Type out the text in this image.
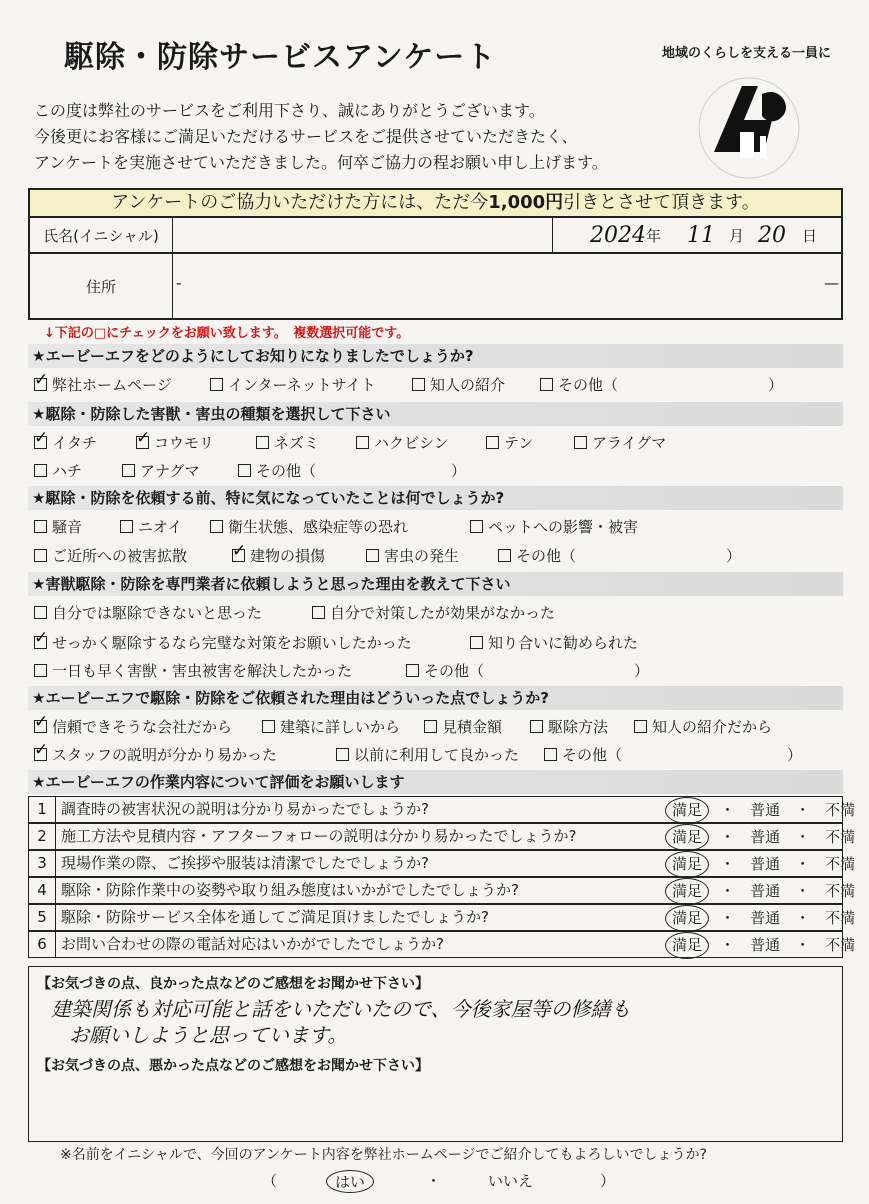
駆除・防除サービスアンケート
この度は弊社のサービスをご利用下さり、誠にありがとうございます。
今後更にお客様にご満足いただけるサービスをご提供させていただきたく、
アンケートを実施させていただきました。何卒ご協力の程お願い申し上げます。
地域のくらしを支える一員に
アンケートのご協力いただけた方には、ただ今1,000円引きとさせて頂きます。
氏名(イニシャル)	2024 年 11 月 20 日
住所	-	—
↓下記の□にチェックをお願い致します。　複数選択可能です。
★エービーエフをどのようにしてお知りになりましたでしょうか?
✓弊社ホームページ	インターネットサイト	知人の紹介	その他（　　　　　　　　　　）
★駆除・防除した害獣・害虫の種類を選択して下さい
✓イタチ ✓	コウモリ	ネズミ	ハクビシン	テン	アライグマ
ハチ	アナグマ	その他（　　　　　　　　　）
★駆除・防除を依頼する前、特に気になっていたことは何でしょうか?
騒音	ニオイ	衛生状態、感染症等の恐れ	ペットへの影響・被害
ご近所への被害拡散 ✓	建物の損傷	害虫の発生	その他（　　　　　　　　　　）
★害獣駆除・防除を専門業者に依頼しようと思った理由を教えて下さい
自分では駆除できないと思った	自分で対策したが効果がなかった
✓せっかく駆除するなら完璧な対策をお願いしたかった	知り合いに勧められた
一日も早く害獣・害虫被害を解決したかった	その他（　　　　　　　　　　）
★エービーエフで駆除・防除をご依頼された理由はどういった点でしょうか?
✓信頼できそうな会社だから	建築に詳しいから	見積金額	駆除方法	知人の紹介だから
✓スタッフの説明が分かり易かった	以前に利用して良かった	その他（　　　　　　　　　　　）
★エービーエフの作業内容について評価をお願いします
1 調査時の被害状況の説明は分かり易かったでしょうか?	満足　 ・　 普通　 ・　 不満
2 施工方法や見積内容・アフターフォローの説明は分かり易かったでしょうか?	満足　 ・　 普通　 ・　 不満
3 現場作業の際、ご挨拶や服装は清潔でしたでしょうか?	満足　 ・　 普通　 ・　 不満
4 駆除・防除作業中の姿勢や取り組み態度はいかがでしたでしょうか?	満足　 ・　 普通　 ・　 不満
5 駆除・防除サービス全体を通してご満足頂けましたでしょうか?	満足　 ・　 普通　 ・　 不満
6 お問い合わせの際の電話対応はいかがでしたでしょうか?	満足　 ・　 普通　 ・　 不満
【お気づきの点、良かった点などのご感想をお聞かせ下さい】
建築関係も対応可能と話をいただいたので、今後家屋等の修繕も
お願いしようと思っています。
【お気づきの点、悪かった点などのご感想をお聞かせ下さい】
※名前をイニシャルで、今回のアンケート内容を弊社ホームページでご紹介してもよろしいでしょうか?
（	はい	・	いいえ	）
